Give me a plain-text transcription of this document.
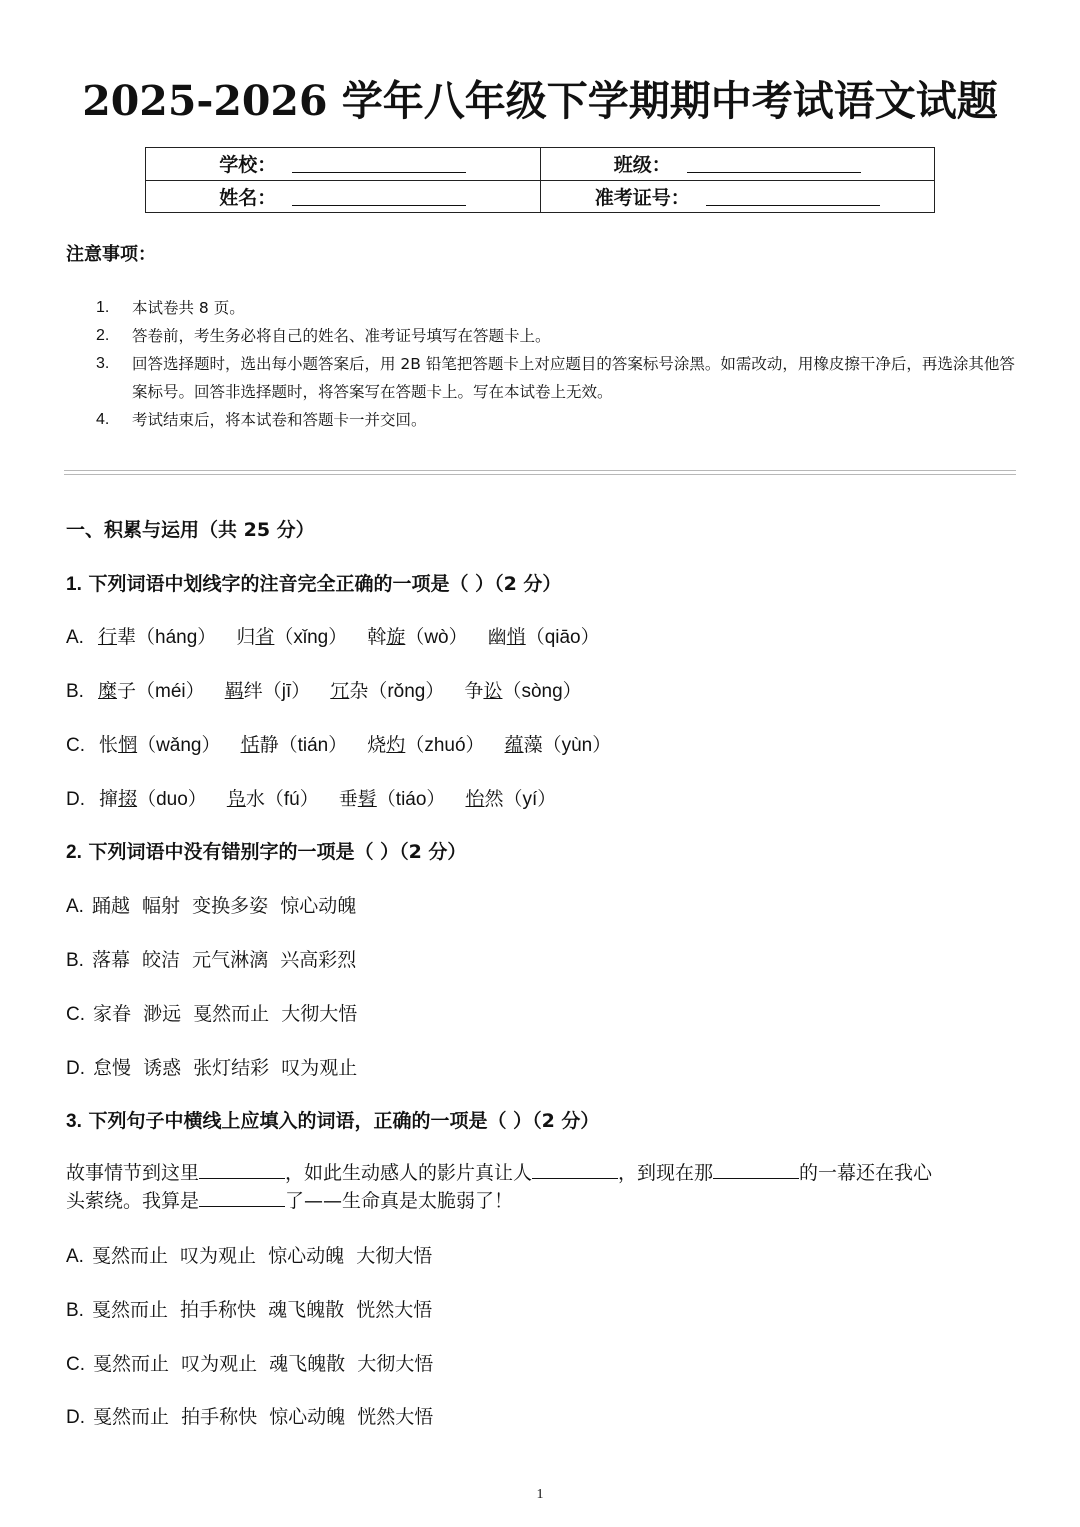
2025-2026 学年八年级下学期期中考试语文试题
学校：	班级：

姓名：	准考证号：
注意事项：
1.	本试卷共 8 页。
2.	答卷前，考生务必将自己的姓名、准考证号填写在答题卡上。
3.	回答选择题时，选出每小题答案后，用 2B 铅笔把答题卡上对应题目的答案标号涂黑。如需改动，用橡皮擦干净后，再选涂其他答案标号。回答非选择题时，将答案写在答题卡上。写在本试卷上无效。
4.	考试结束后，将本试卷和答题卡一并交回。
一、积累与运用（共 25 分）
1. 下列词语中划线字的注音完全正确的一项是（ ）（2 分）
A. 行辈（háng） 归省（xǐng） 斡旋（wò） 幽悄（qiāo）
B. 糜子（méi） 羁绊（jī） 冗杂（rǒng） 争讼（sòng）
C. 怅惘（wǎng） 恬静（tián） 烧灼（zhuó） 蕴藻（yùn）
D. 撺掇（duo） 凫水（fú） 垂髫（tiáo） 怡然（yí）
2. 下列词语中没有错别字的一项是（ ）（2 分）
A. 踊越  幅射  变换多姿  惊心动魄
B. 落幕  皎洁  元气淋漓  兴高彩烈
C. 家眷  渺远  戛然而止  大彻大悟
D. 怠慢  诱惑  张灯结彩  叹为观止
3. 下列句子中横线上应填入的词语，正确的一项是（ ）（2 分）
故事情节到这里	，如此生动感人的影片真让人	，到现在那	的一幕还在我心
头萦绕。我算是	了——生命真是太脆弱了！
A. 戛然而止  叹为观止  惊心动魄  大彻大悟
B. 戛然而止  拍手称快  魂飞魄散  恍然大悟
C. 戛然而止  叹为观止  魂飞魄散  大彻大悟
D. 戛然而止  拍手称快  惊心动魄  恍然大悟
1
